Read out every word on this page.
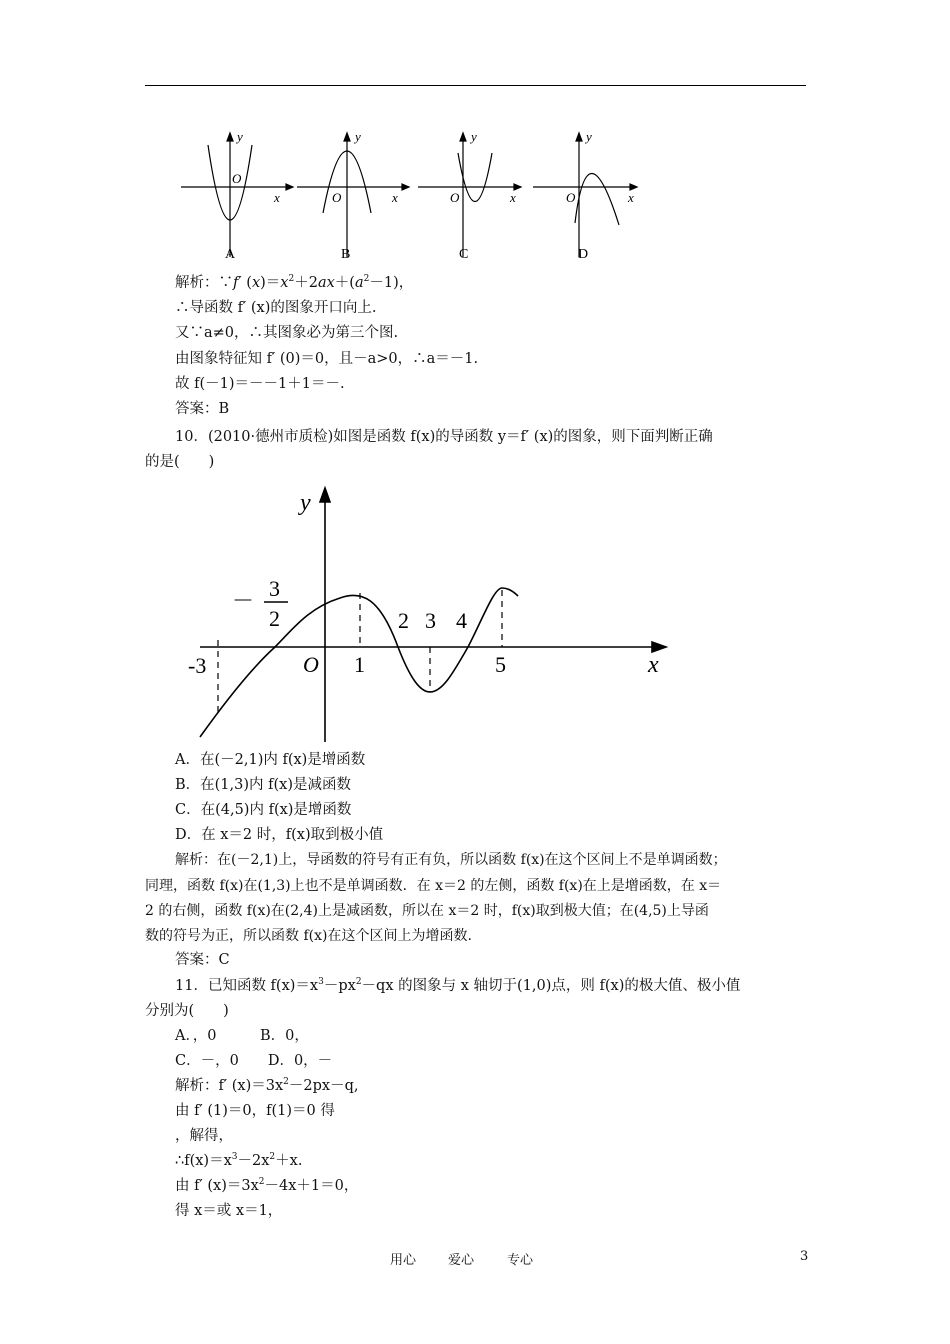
y
O
x
A
y
O	x
B
y
O	x
C
y
O	x
D
解析：∵f′ $(x)=x^2+2ax+(a^2-1)$，
∴导函数 f′ (x)的图象开口向上.
又∵a≠0，∴其图象必为第三个图.
由图象特征知 f′ (0)＝0，且－a>0，∴a＝－1.
故 f(－1)＝－－1＋1＝－.
答案：B
10．(2010·德州市质检)如图是函数 f(x)的导函数 y＝f′ (x)的图象，则下面判断正确
的是(　　)
y
x
O
－ 3
2
-3	1
2 3 4
5
A．在(－2,1)内 f(x)是增函数
B．在(1,3)内 f(x)是减函数
C．在(4,5)内 f(x)是增函数
D．在 x＝2 时，f(x)取到极小值
解析：在(－2,1)上，导函数的符号有正有负，所以函数 f(x)在这个区间上不是单调函数；
同理，函数 f(x)在(1,3)上也不是单调函数．在 x＝2 的左侧，函数 f(x)在上是增函数，在 x＝
2 的右侧，函数 f(x)在(2,4)上是减函数，所以在 x＝2 时，f(x)取到极大值；在(4,5)上导函
数的符号为正，所以函数 f(x)在这个区间上为增函数.
答案：C
11．已知函数 $f(x)=x^3-px^2-qx$ 的图象与 x 轴切于(1,0)点，则 f(x)的极大值、极小值
分别为(　　)
A．，0　　　B．0，
C．－，0　　D．0，－
解析：f′ $(x)=3x^2-2px-q$,
由 f′ (1)＝0，f(1)＝0 得
，解得，
$\therefore f(x)=x^3-2x^2+x$.
由 f′ $(x)=3x^2-4x+1=0$，
得 x＝或 x＝1，
用心 爱心	专心	3
